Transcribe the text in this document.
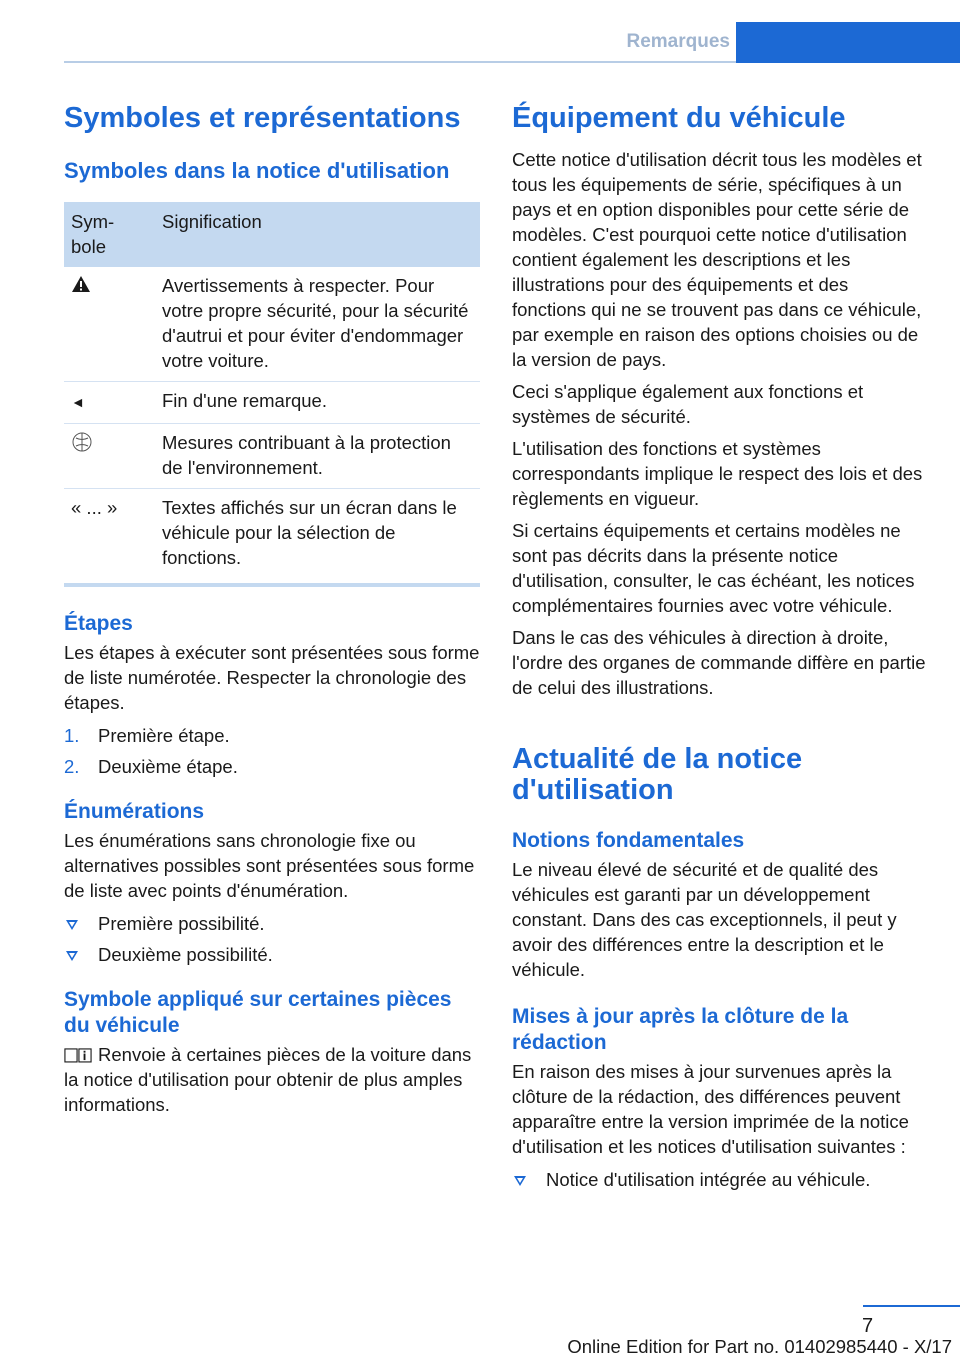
Remarques
Symboles et représentations
Symboles dans la notice d'utilisation
Sym‐
bole	Signification
	Avertissements à respecter. Pour votre propre sécurité, pour la sécurité d'autrui et pour éviter d'endommager votre voiture.
◄	Fin d'une remarque.
	Mesures contribuant à la protection de l'environnement.
« ... »	Textes affichés sur un écran dans le véhicule pour la sélection de fonctions.
Étapes

Les étapes à exécuter sont présentées sous forme de liste numérotée. Respecter la chronologie des étapes.

1. Première étape.
2. Deuxième étape.
Énumérations

Les énumérations sans chronologie fixe ou alternatives possibles sont présentées sous forme de liste avec points d'énumération.

Première possibilité.
Deuxième possibilité.
Symbole appliqué sur certaines pièces du véhicule

Renvoie à certaines pièces de la voiture dans la notice d'utilisation pour obtenir de plus amples informations.

Équipement du véhicule

Cette notice d'utilisation décrit tous les modèles et tous les équipements de série, spécifiques à un pays et en option disponibles pour cette série de modèles. C'est pourquoi cette notice d'utilisation contient également les descriptions et les illustrations pour des équipements et des fonctions qui ne se trouvent pas dans ce véhicule, par exemple en raison des options choisies ou de la version de pays.

Ceci s'applique également aux fonctions et systèmes de sécurité.

L'utilisation des fonctions et systèmes correspondants implique le respect des lois et des règlements en vigueur.

Si certains équipements et certains modèles ne sont pas décrits dans la présente notice d'utilisation, consulter, le cas échéant, les notices complémentaires fournies avec votre véhicule.

Dans le cas des véhicules à direction à droite, l'ordre des organes de commande diffère en partie de celui des illustrations.

Actualité de la notice d'utilisation
Notions fondamentales

Le niveau élevé de sécurité et de qualité des véhicules est garanti par un développement constant. Dans des cas exceptionnels, il peut y avoir des différences entre la description et le véhicule.

Mises à jour après la clôture de la rédaction

En raison des mises à jour survenues après la clôture de la rédaction, des différences peuvent apparaître entre la version imprimée de la notice d'utilisation et les notices d'utilisation suivantes :

Notice d'utilisation intégrée au véhicule.
7
Online Edition for Part no. 01402985440 - X/17
